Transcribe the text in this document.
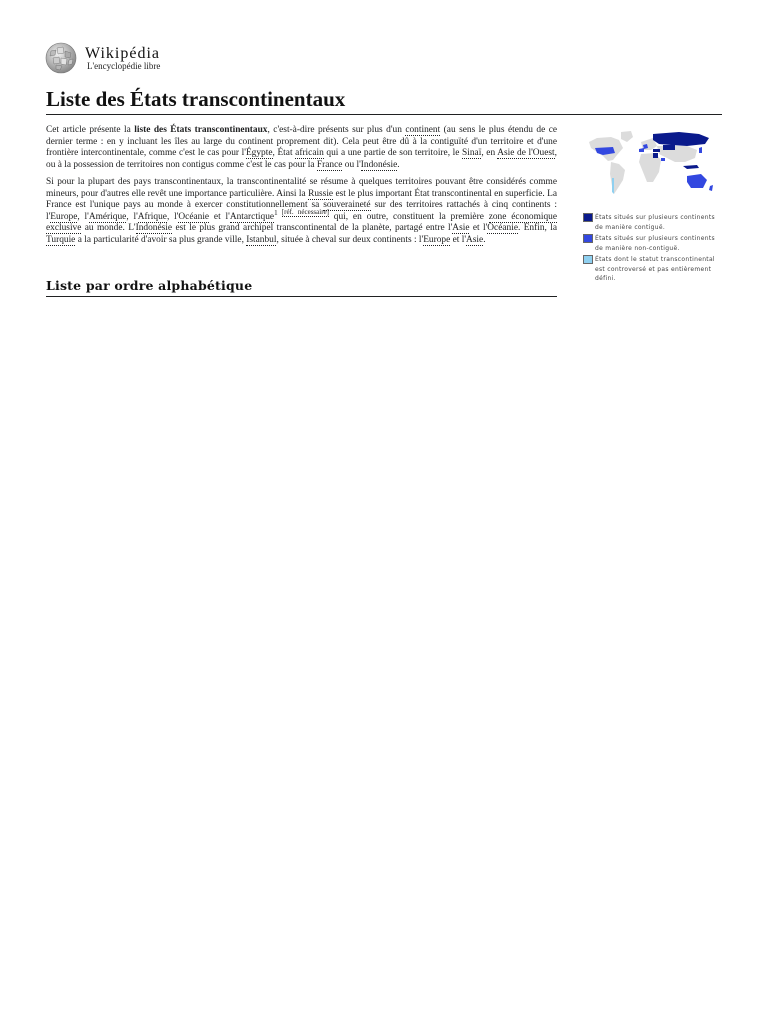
Wikipédia
L'encyclopédie libre
Liste des États transcontinentaux

Cet article présente la liste des États transcontinentaux, c'est-à-dire présents sur plus d'un continent (au sens le plus étendu de ce dernier terme : en y incluant les îles au large du continent proprement dit). Cela peut être dû à la contiguïté d'un territoire et d'une frontière intercontinentale, comme c'est le cas pour l'Égypte, État africain qui a une partie de son territoire, le Sinaï, en Asie de l'Ouest, ou à la possession de territoires non contigus comme c'est le cas pour la France ou l'Indonésie.

Si pour la plupart des pays transcontinentaux, la transcontinentalité se résume à quelques territoires pouvant être considérés comme mineurs, pour d'autres elle revêt une importance particulière. Ainsi la Russie est le plus important État transcontinental en superficie. La France est l'unique pays au monde à exercer constitutionnellement sa souveraineté sur des territoires rattachés à cinq continents : l'Europe, l'Amérique, l'Afrique, l'Océanie et l'Antarctique$^{1 [réf. nécessaire]}$ qui, en outre, constituent la première zone économique exclusive au monde. L'Indonésie est le plus grand archipel transcontinental de la planète, partagé entre l'Asie et l'Océanie. Enfin, la Turquie a la particularité d'avoir sa plus grande ville, Istanbul, située à cheval sur deux continents : l'Europe et l'Asie.

Liste par ordre alphabétique
États situés sur plusieurs continents de manière contiguë.
États situés sur plusieurs continents de manière non-contiguë.
États dont le statut transcontinental est controversé et pas entièrement défini.
